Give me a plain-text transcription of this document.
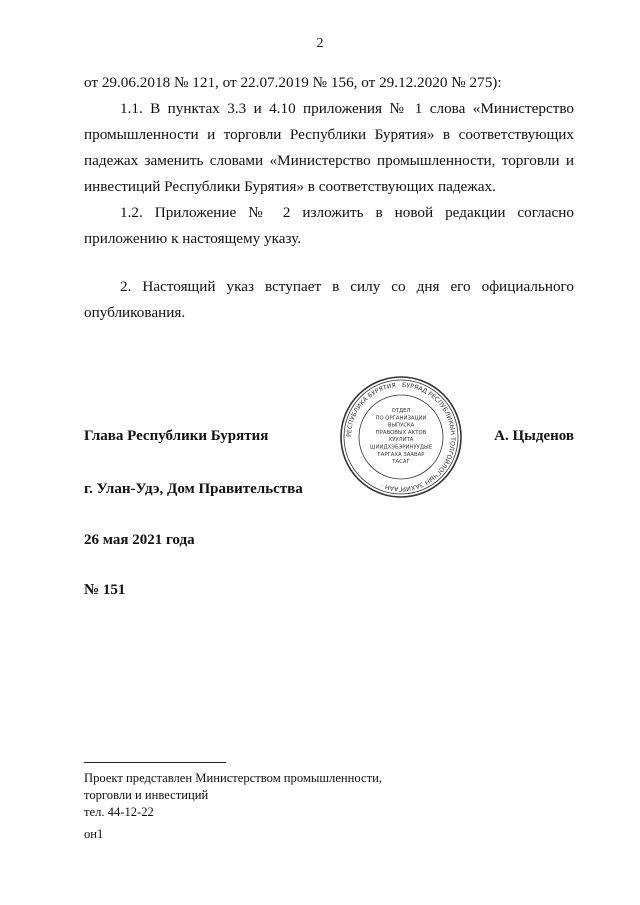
2

от 29.06.2018 № 121, от 22.07.2019 № 156, от 29.12.2020 № 275):

1.1. В пунктах 3.3 и 4.10 приложения № 1 слова «Министерство промышленности и торговли Республики Бурятия» в соответствующих падежах заменить словами «Министерство промышленности, торговли и инвестиций Республики Бурятия» в соответствующих падежах.

1.2. Приложение № 2 изложить в новой редакции согласно приложению к настоящему указу.

2. Настоящий указ вступает в силу со дня его официального опубликования.

РЕСПУБЛИКА БУРЯТИЯ · БУРЯАД РЕСПУБЛИКЫН ТОЛГОЙЛОГЧЫН ЗАХИРГААН ·
ОТДЕЛ
ПО ОРГАНИЗАЦИИ
ВЫПУСКА
ПРАВОВЫХ АКТОВ
ХУУЛИТА
ШИИДХЭБЭРИНУУДЫЕ
ГАРГАХА ЗААВАР
ТАСАГ
Глава Республики Бурятия	А. Цыденов
г. Улан-Удэ, Дом Правительства
26 мая 2021 года
№ 151
Проект представлен Министерством промышленности,
торговли и инвестиций
тел. 44-12-22
он1
